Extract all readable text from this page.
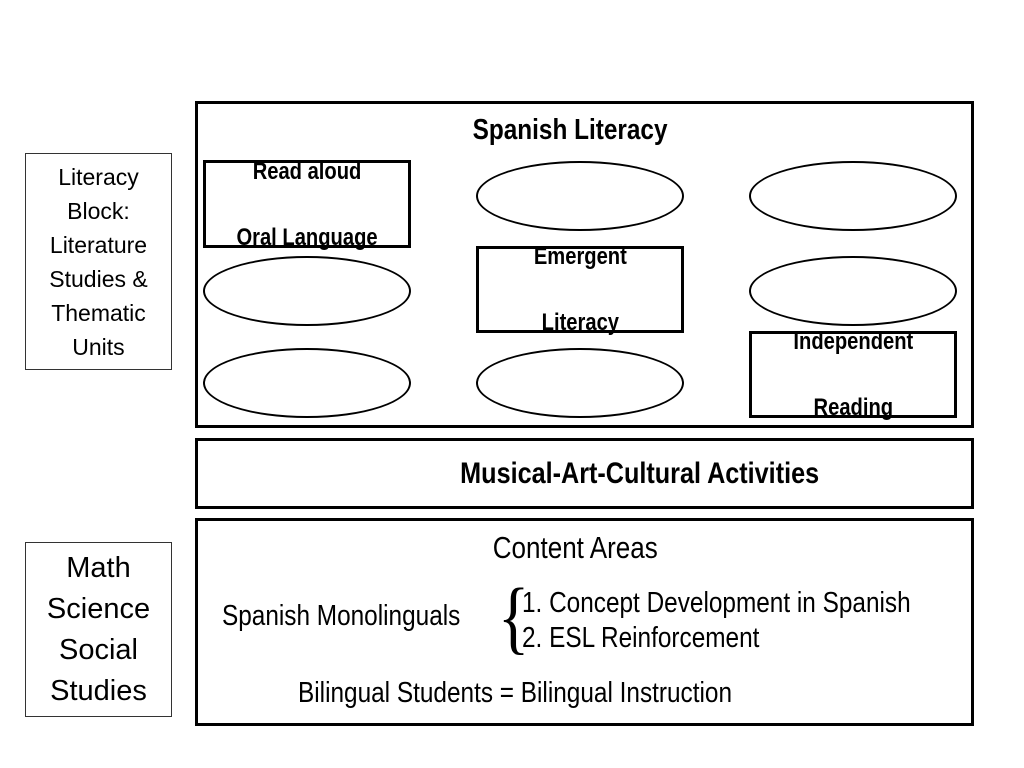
Literacy
Block:
Literature
Studies &
Thematic
Units
Math
Science
Social
Studies
Spanish Literacy
Read aloud

Oral Language
Emergent

Literacy
Independent

Reading
Musical-Art-Cultural Activities
Content Areas
Spanish Monolinguals {
1. Concept Development in Spanish
2. ESL Reinforcement
Bilingual Students = Bilingual Instruction
